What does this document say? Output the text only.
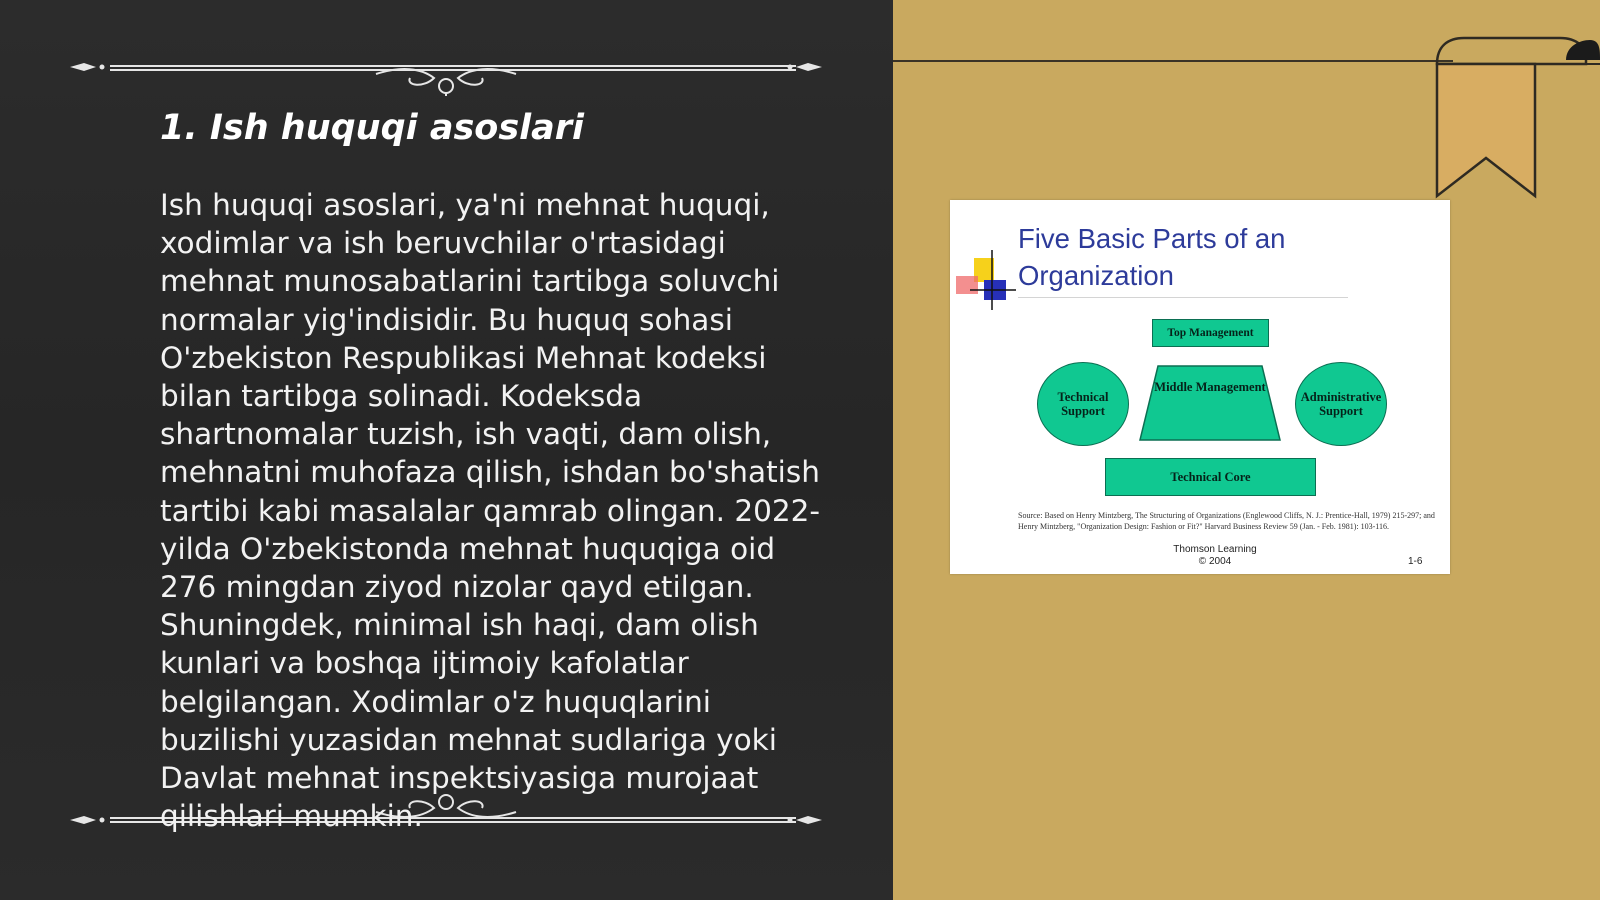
1. Ish huquqi asoslari

Ish huquqi asoslari, ya'ni mehnat huquqi, xodimlar va ish beruvchilar o'rtasidagi mehnat munosabatlarini tartibga soluvchi normalar yig'indisidir. Bu huquq sohasi O'zbekiston Respublikasi Mehnat kodeksi bilan tartibga solinadi. Kodeksda shartnomalar tuzish, ish vaqti, dam olish, mehnatni muhofaza qilish, ishdan bo'shatish tartibi kabi masalalar qamrab olingan. 2022-yilda O'zbekistonda mehnat huquqiga oid 276 mingdan ziyod nizolar qayd etilgan. Shuningdek, minimal ish haqi, dam olish kunlari va boshqa ijtimoiy kafolatlar belgilangan. Xodimlar o'z huquqlarini buzilishi yuzasidan mehnat sudlariga yoki Davlat mehnat inspektsiyasiga murojaat qilishlari mumkin.

Five Basic Parts of an Organization
Top Management
Middle Management
Technical Support
Administrative Support
Technical Core
Source: Based on Henry Mintzberg, The Structuring of Organizations (Englewood Cliffs, N. J.: Prentice-Hall, 1979) 215-297; and Henry Mintzberg, "Organization Design: Fashion or Fit?" Harvard Business Review 59 (Jan. - Feb. 1981): 103-116.
Thomson Learning
© 2004	1-6
